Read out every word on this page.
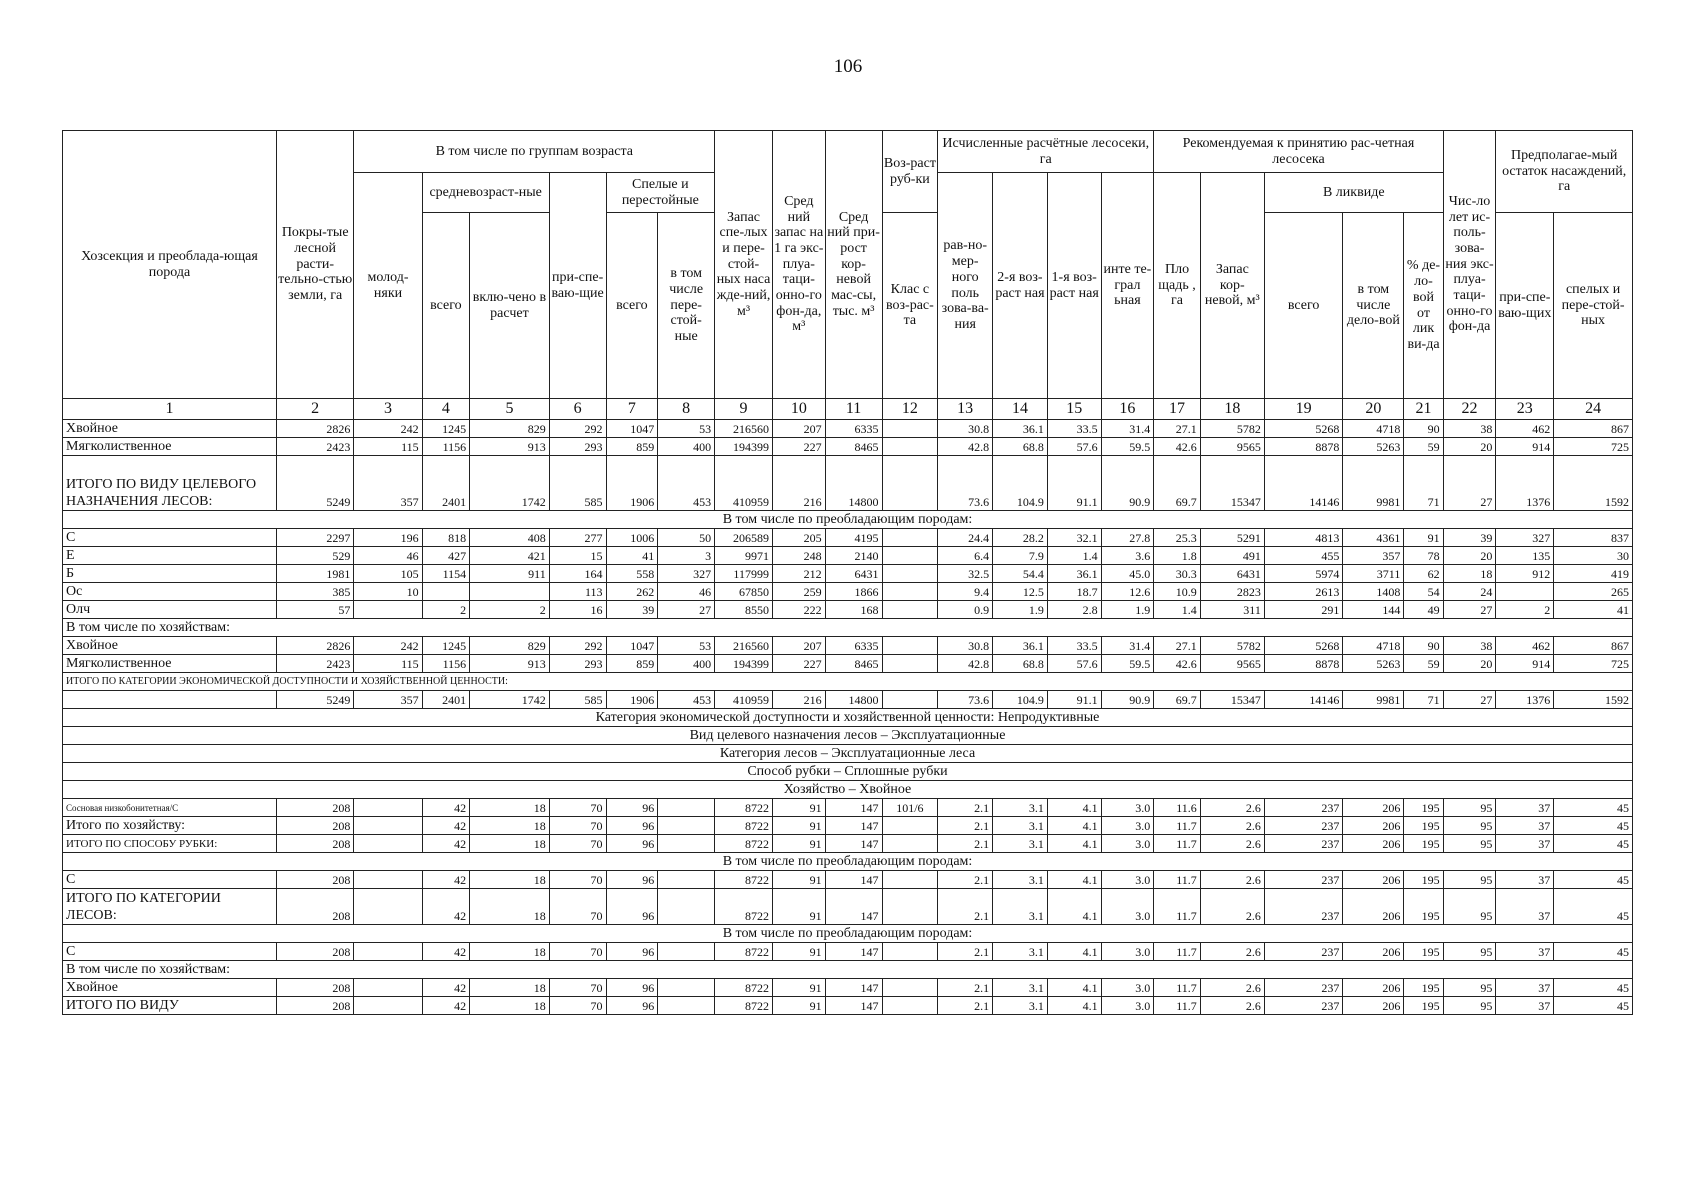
106
Хозсекция и преоблада-ющая порода	Покры-тые лесной расти-тельно-стью земли, га	В том числе по группам возраста						Запас спе-лых и пере-стой-ных наса жде-ний, м³	Сред ний запас на 1 га экс-плуа-таци-онно-го фон-да, м³	Сред ний при-рост кор-невой мас-сы, тыс. м³	Воз-раст руб-ки	Исчисленные расчётные лесосеки, га				Рекомендуемая к принятию рас-четная лесосека					Чис-ло лет ис-поль-зова-ния экс-плуа-таци-онно-го фон-да	Предполагае-мый остаток насаждений, га	
		молод-няки	средневозраст-ные		при-спе-ваю-щие	Спелые и перестойные						рав-но-мер-ного поль зова-ва-ния	2-я воз-раст ная	1-я воз-раст ная	инте те-грал ьная	Пло щадь , га	Запас кор-невой, м³	В ликвиде					
			всего	вклю-чено в расчет		всего	в том числе пере-стой-ные				Клас с воз-рас-та							всего	в том числе дело-вой	% де-ло-вой от лик ви-да		при-спе-ваю-щих	спелых и пере-стой-ных
1	2	3	4	5	6	7	8	9	10	11	12	13	14	15	16	17	18	19	20	21	22	23	24
Хвойное	2826	242	1245	829	292	1047	53	216560	207	6335		30.8	36.1	33.5	31.4	27.1	5782	5268	4718	90	38	462	867
Мягколиственное	2423	115	1156	913	293	859	400	194399	227	8465		42.8	68.8	57.6	59.5	42.6	9565	8878	5263	59	20	914	725
ИТОГО ПО ВИДУ ЦЕЛЕВОГО НАЗНАЧЕНИЯ ЛЕСОВ:	5249	357	2401	1742	585	1906	453	410959	216	14800		73.6	104.9	91.1	90.9	69.7	15347	14146	9981	71	27	1376	1592
В том числе по преобладающим породам:																							
С	2297	196	818	408	277	1006	50	206589	205	4195		24.4	28.2	32.1	27.8	25.3	5291	4813	4361	91	39	327	837
Е	529	46	427	421	15	41	3	9971	248	2140		6.4	7.9	1.4	3.6	1.8	491	455	357	78	20	135	30
Б	1981	105	1154	911	164	558	327	117999	212	6431		32.5	54.4	36.1	45.0	30.3	6431	5974	3711	62	18	912	419
Ос	385	10			113	262	46	67850	259	1866		9.4	12.5	18.7	12.6	10.9	2823	2613	1408	54	24		265
Олч	57		2	2	16	39	27	8550	222	168		0.9	1.9	2.8	1.9	1.4	311	291	144	49	27	2	41
В том числе по хозяйствам:																							
Хвойное	2826	242	1245	829	292	1047	53	216560	207	6335		30.8	36.1	33.5	31.4	27.1	5782	5268	4718	90	38	462	867
Мягколиственное	2423	115	1156	913	293	859	400	194399	227	8465		42.8	68.8	57.6	59.5	42.6	9565	8878	5263	59	20	914	725
ИТОГО ПО КАТЕГОРИИ ЭКОНОМИЧЕСКОЙ ДОСТУПНОСТИ И ХОЗЯЙСТВЕННОЙ ЦЕННОСТИ:																							
	5249	357	2401	1742	585	1906	453	410959	216	14800		73.6	104.9	91.1	90.9	69.7	15347	14146	9981	71	27	1376	1592
Категория экономической доступности и хозяйственной ценности: Непродуктивные																							
Вид целевого назначения лесов – Эксплуатационные																							
Категория лесов – Эксплуатационные леса																							
Способ рубки – Сплошные рубки																							
Хозяйство – Хвойное																							
Сосновая низкобонитетная/С	208		42	18	70	96		8722	91	147	101/6	2.1	3.1	4.1	3.0	11.6	2.6	237	206	195	95	37	45
Итого по хозяйству:	208		42	18	70	96		8722	91	147		2.1	3.1	4.1	3.0	11.7	2.6	237	206	195	95	37	45
ИТОГО ПО СПОСОБУ РУБКИ:	208		42	18	70	96		8722	91	147		2.1	3.1	4.1	3.0	11.7	2.6	237	206	195	95	37	45
В том числе по преобладающим породам:																							
С	208		42	18	70	96		8722	91	147		2.1	3.1	4.1	3.0	11.7	2.6	237	206	195	95	37	45
ИТОГО ПО КАТЕГОРИИ ЛЕСОВ:	208		42	18	70	96		8722	91	147		2.1	3.1	4.1	3.0	11.7	2.6	237	206	195	95	37	45
В том числе по преобладающим породам:																							
С	208		42	18	70	96		8722	91	147		2.1	3.1	4.1	3.0	11.7	2.6	237	206	195	95	37	45
В том числе по хозяйствам:																							
Хвойное	208		42	18	70	96		8722	91	147		2.1	3.1	4.1	3.0	11.7	2.6	237	206	195	95	37	45
ИТОГО ПО ВИДУ	208		42	18	70	96		8722	91	147		2.1	3.1	4.1	3.0	11.7	2.6	237	206	195	95	37	45
